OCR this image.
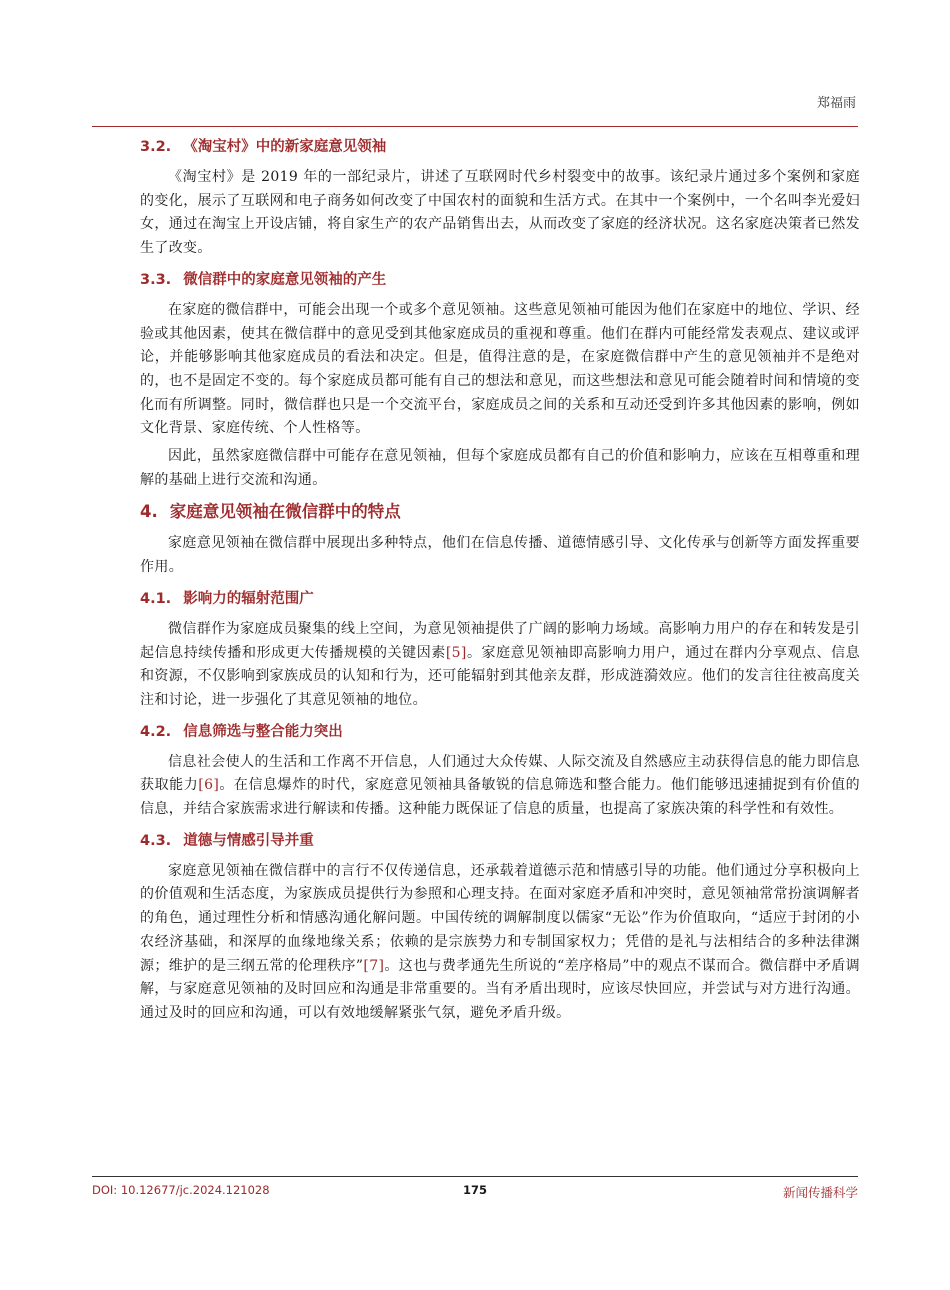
郑福雨
3.2. 《淘宝村》中的新家庭意见领袖

《淘宝村》是 2019 年的一部纪录片，讲述了互联网时代乡村裂变中的故事。该纪录片通过多个案例和家庭的变化，展示了互联网和电子商务如何改变了中国农村的面貌和生活方式。在其中一个案例中，一个名叫李光爱妇女，通过在淘宝上开设店铺，将自家生产的农产品销售出去，从而改变了家庭的经济状况。这名家庭决策者已然发生了改变。

3.3. 微信群中的家庭意见领袖的产生

在家庭的微信群中，可能会出现一个或多个意见领袖。这些意见领袖可能因为他们在家庭中的地位、学识、经验或其他因素，使其在微信群中的意见受到其他家庭成员的重视和尊重。他们在群内可能经常发表观点、建议或评论，并能够影响其他家庭成员的看法和决定。但是，值得注意的是，在家庭微信群中产生的意见领袖并不是绝对的，也不是固定不变的。每个家庭成员都可能有自己的想法和意见，而这些想法和意见可能会随着时间和情境的变化而有所调整。同时，微信群也只是一个交流平台，家庭成员之间的关系和互动还受到许多其他因素的影响，例如文化背景、家庭传统、个人性格等。

因此，虽然家庭微信群中可能存在意见领袖，但每个家庭成员都有自己的价值和影响力，应该在互相尊重和理解的基础上进行交流和沟通。

4. 家庭意见领袖在微信群中的特点

家庭意见领袖在微信群中展现出多种特点，他们在信息传播、道德情感引导、文化传承与创新等方面发挥重要作用。

4.1. 影响力的辐射范围广

微信群作为家庭成员聚集的线上空间，为意见领袖提供了广阔的影响力场域。高影响力用户的存在和转发是引起信息持续传播和形成更大传播规模的关键因素[5]。家庭意见领袖即高影响力用户，通过在群内分享观点、信息和资源，不仅影响到家族成员的认知和行为，还可能辐射到其他亲友群，形成涟漪效应。他们的发言往往被高度关注和讨论，进一步强化了其意见领袖的地位。

4.2. 信息筛选与整合能力突出

信息社会使人的生活和工作离不开信息，人们通过大众传媒、人际交流及自然感应主动获得信息的能力即信息获取能力[6]。在信息爆炸的时代，家庭意见领袖具备敏锐的信息筛选和整合能力。他们能够迅速捕捉到有价值的信息，并结合家族需求进行解读和传播。这种能力既保证了信息的质量，也提高了家族决策的科学性和有效性。

4.3. 道德与情感引导并重

家庭意见领袖在微信群中的言行不仅传递信息，还承载着道德示范和情感引导的功能。他们通过分享积极向上的价值观和生活态度，为家族成员提供行为参照和心理支持。在面对家庭矛盾和冲突时，意见领袖常常扮演调解者的角色，通过理性分析和情感沟通化解问题。中国传统的调解制度以儒家“无讼”作为价值取向，“适应于封闭的小农经济基础，和深厚的血缘地缘关系；依赖的是宗族势力和专制国家权力；凭借的是礼与法相结合的多种法律渊源；维护的是三纲五常的伦理秩序”[7]。这也与费孝通先生所说的“差序格局”中的观点不谋而合。微信群中矛盾调解，与家庭意见领袖的及时回应和沟通是非常重要的。当有矛盾出现时，应该尽快回应，并尝试与对方进行沟通。通过及时的回应和沟通，可以有效地缓解紧张气氛，避免矛盾升级。

DOI: 10.12677/jc.2024.121028	175	新闻传播科学
